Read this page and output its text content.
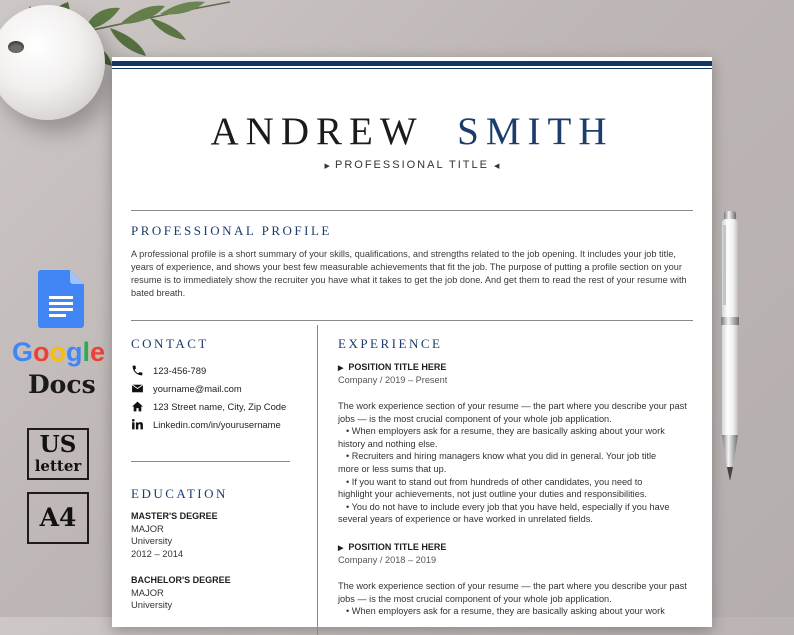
Google
Docs
US
letter
A4
ANDREW SMITH
▶ PROFESSIONAL TITLE ◀
PROFESSIONAL PROFILE

A professional profile is a short summary of your skills, qualifications, and strengths related to the job opening. It includes your job title, years of experience, and shows your best few measurable achievements that fit the job. The purpose of putting a profile section on your resume is to immediately show the recruiter you have what it takes to get the job done. And get them to read the rest of your resume with bated breath.

CONTACT
123-456-789
yourname@mail.com
123 Street name, City, Zip Code
Linkedin.com/in/yourusername
EDUCATION
MASTER'S DEGREE
MAJOR
University
2012 – 2014
BACHELOR'S DEGREE
MAJOR
University
EXPERIENCE
▶ POSITION TITLE HERE
Company / 2019 – Present

The work experience section of your resume — the part where you describe your past

jobs — is the most crucial component of your whole job application.

• When employers ask for a resume, they are basically asking about your work

history and nothing else.

• Recruiters and hiring managers know what you did in general. Your job title

more or less sums that up.

• If you want to stand out from hundreds of other candidates, you need to

highlight your achievements, not just outline your duties and responsibilities.

• You do not have to include every job that you have held, especially if you have

several years of experience or have worked in unrelated fields.

▶ POSITION TITLE HERE
Company / 2018 – 2019

The work experience section of your resume — the part where you describe your past

jobs — is the most crucial component of your whole job application.

• When employers ask for a resume, they are basically asking about your work
